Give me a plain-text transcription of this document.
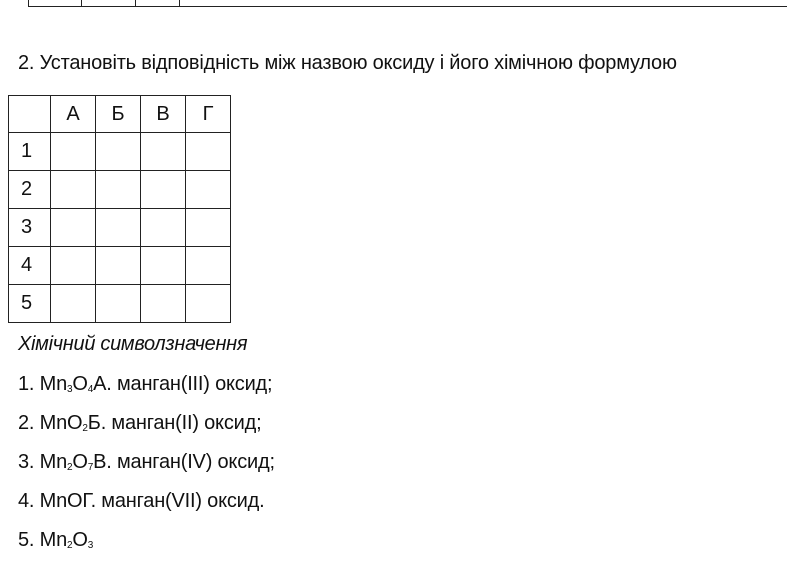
2. Установіть відповідність між назвою оксиду і його хімічною формулою
	А	Б	В	Г
1				
2				
3				
4				
5				
Хімічний символзначення
1. $Mn_3O_4А$. манган(ІІІ) оксид;
2. MnO$_2$Б. манган(ІІ) оксид;
3. $Mn_2O_7В$. манган(IV) оксид;
4. MnOГ. манган(VII) оксид.
5. $Mn_2O_3$
